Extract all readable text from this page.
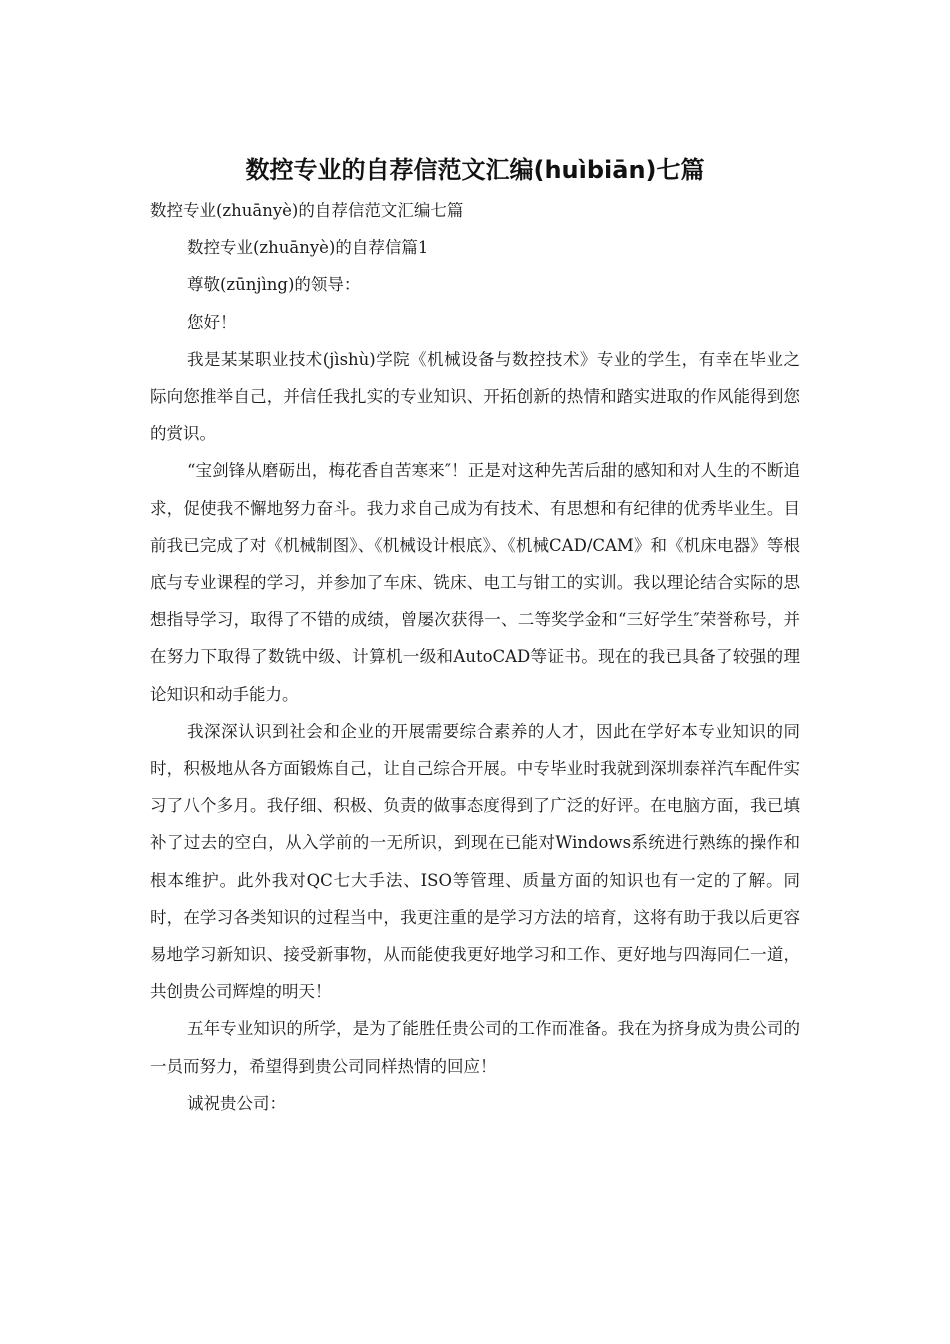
数控专业的自荐信范文汇编(huìbiān)七篇

数控专业(zhuānyè)的自荐信范文汇编七篇

数控专业(zhuānyè)的自荐信篇1

尊敬(zūnjìng)的领导：

您好！

我是某某职业技术(jìshù)学院《机械设备与数控技术》专业的学生，有幸在毕业之际向您推举自己，并信任我扎实的专业知识、开拓创新的热情和踏实进取的作风能得到您的赏识。

“宝剑锋从磨砺出，梅花香自苦寒来″！正是对这种先苦后甜的感知和对人生的不断追求，促使我不懈地努力奋斗。我力求自己成为有技术、有思想和有纪律的优秀毕业生。目前我已完成了对《机械制图》、《机械设计根底》、《机械CAD/CAM》和《机床电器》等根底与专业课程的学习，并参加了车床、铣床、电工与钳工的实训。我以理论结合实际的思想指导学习，取得了不错的成绩，曾屡次获得一、二等奖学金和“三好学生″荣誉称号，并在努力下取得了数铣中级、计算机一级和AutoCAD等证书。现在的我已具备了较强的理论知识和动手能力。

我深深认识到社会和企业的开展需要综合素养的人才，因此在学好本专业知识的同时，积极地从各方面锻炼自己，让自己综合开展。中专毕业时我就到深圳泰祥汽车配件实习了八个多月。我仔细、积极、负责的做事态度得到了广泛的好评。在电脑方面，我已填补了过去的空白，从入学前的一无所识，到现在已能对Windows系统进行熟练的操作和根本维护。此外我对QC七大手法、ISO等管理、质量方面的知识也有一定的了解。同时，在学习各类知识的过程当中，我更注重的是学习方法的培育，这将有助于我以后更容易地学习新知识、接受新事物，从而能使我更好地学习和工作、更好地与四海同仁一道，共创贵公司辉煌的明天！

五年专业知识的所学，是为了能胜任贵公司的工作而准备。我在为挤身成为贵公司的一员而努力，希望得到贵公司同样热情的回应！

诚祝贵公司：
